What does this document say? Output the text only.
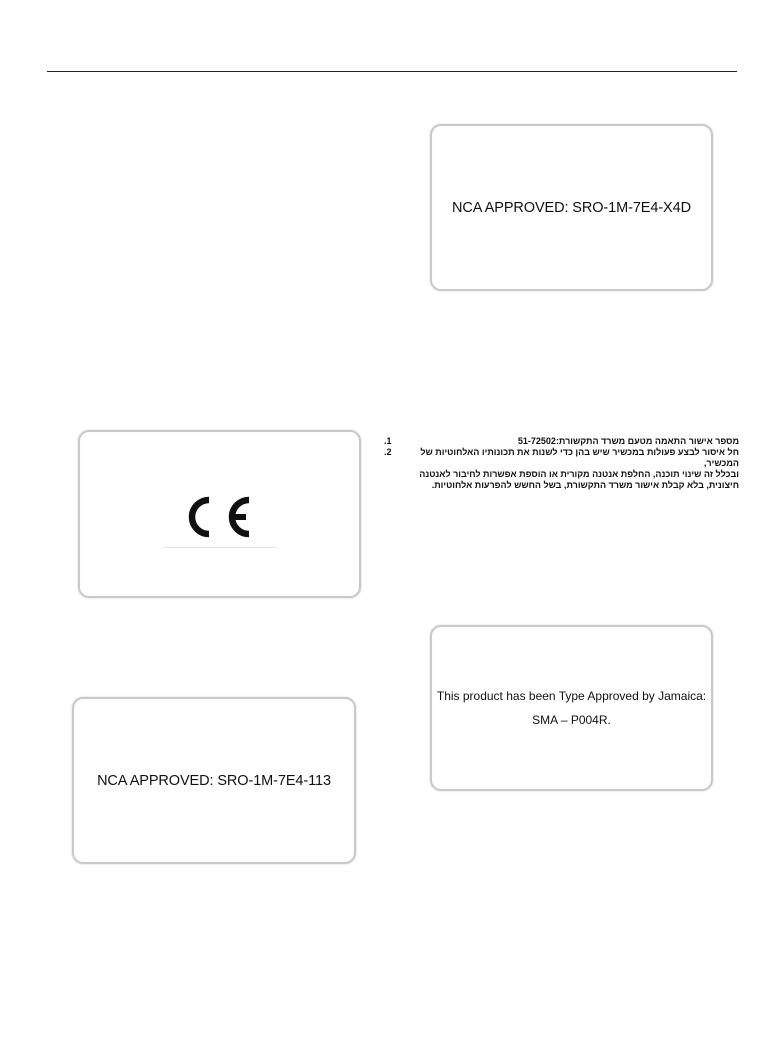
NCA APPROVED: SRO-1M-7E4-X4D
מספר אישור התאמה מטעם משרד התקשורת:51-72502
.1
חל איסור לבצע פעולות במכשיר שיש בהן כדי לשנות את תכונותיו האלחוטיות של המכשיר,
ובכלל זה שינוי תוכנה, החלפת אנטנה מקורית או הוספת אפשרות לחיבור לאנטנה
חיצונית, בלא קבלת אישור משרד התקשורת, בשל החשש להפרעות אלחוטיות.
.2
This product has been Type Approved by Jamaica:
SMA – P004R.
NCA APPROVED: SRO-1M-7E4-113
